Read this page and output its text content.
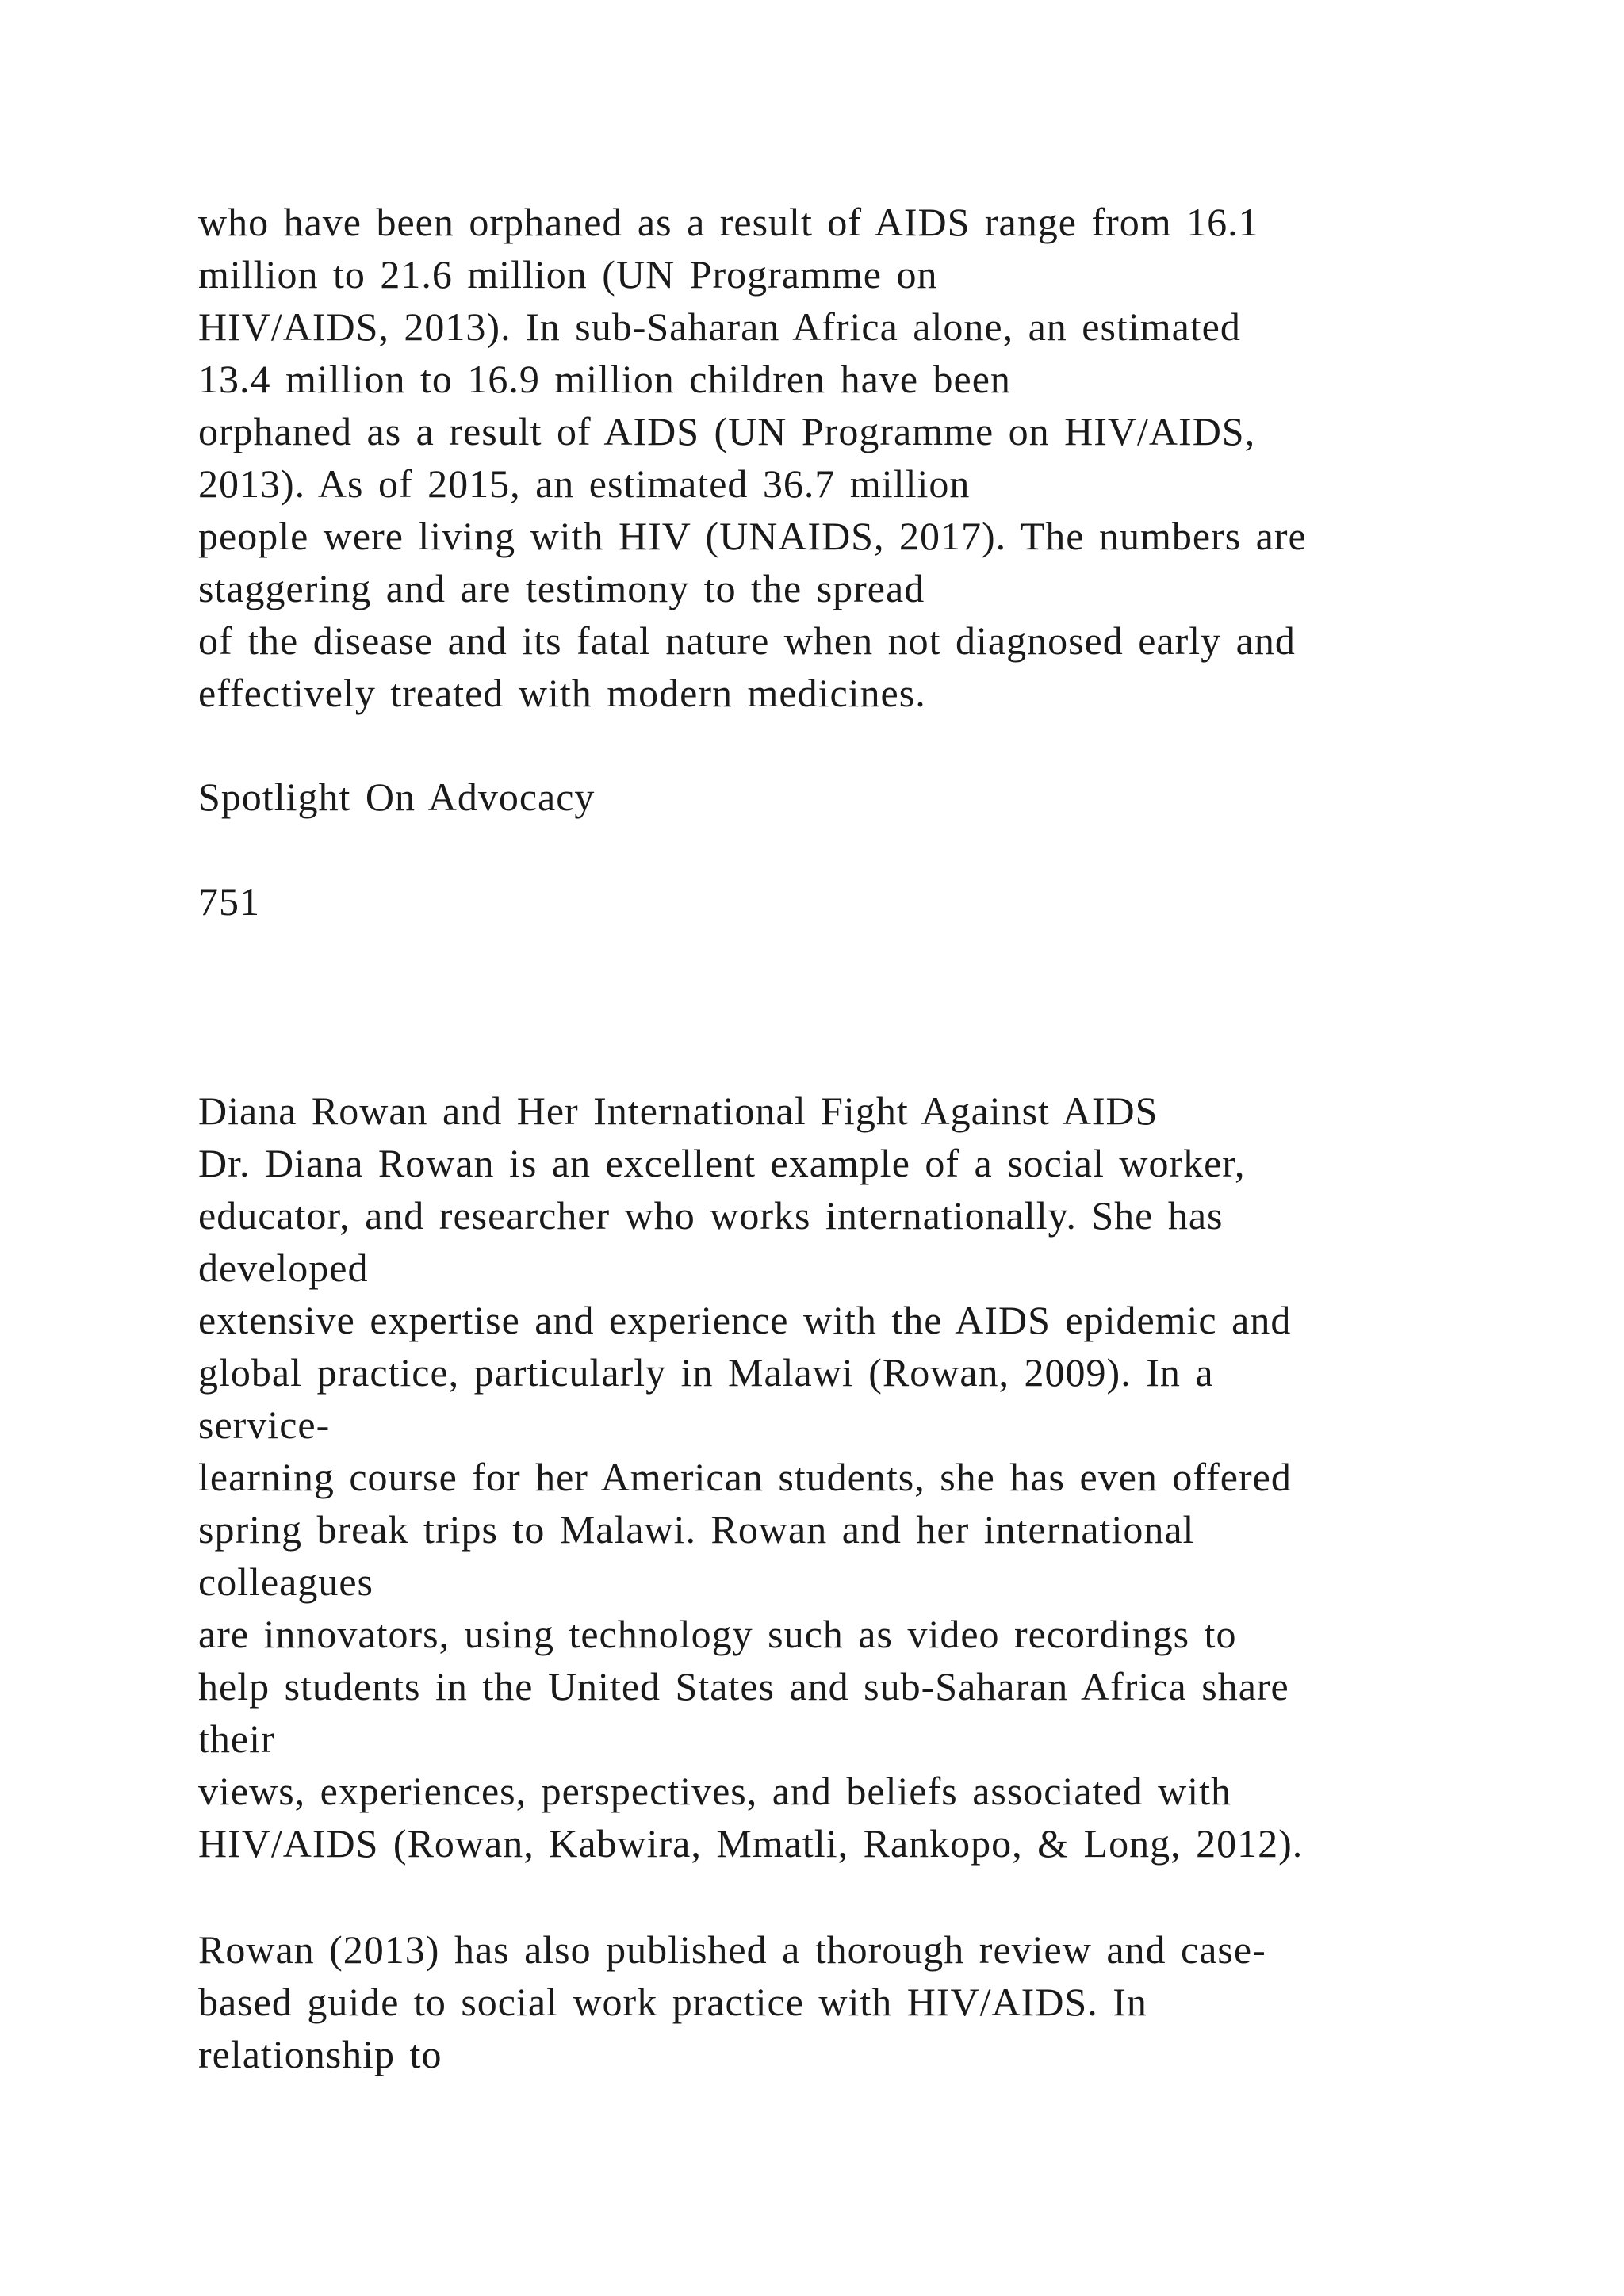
who have been orphaned as a result of AIDS range from 16.1
million to 21.6 million (UN Programme on
HIV/AIDS, 2013). In sub-Saharan Africa alone, an estimated
13.4 million to 16.9 million children have been
orphaned as a result of AIDS (UN Programme on HIV/AIDS,
2013). As of 2015, an estimated 36.7 million
people were living with HIV (UNAIDS, 2017). The numbers are
staggering and are testimony to the spread
of the disease and its fatal nature when not diagnosed early and
effectively treated with modern medicines.
Spotlight On Advocacy
751
Diana Rowan and Her International Fight Against AIDS
Dr. Diana Rowan is an excellent example of a social worker,
educator, and researcher who works internationally. She has
developed
extensive expertise and experience with the AIDS epidemic and
global practice, particularly in Malawi (Rowan, 2009). In a
service-
learning course for her American students, she has even offered
spring break trips to Malawi. Rowan and her international
colleagues
are innovators, using technology such as video recordings to
help students in the United States and sub-Saharan Africa share
their
views, experiences, perspectives, and beliefs associated with
HIV/AIDS (Rowan, Kabwira, Mmatli, Rankopo, & Long, 2012).
Rowan (2013) has also published a thorough review and case-
based guide to social work practice with HIV/AIDS. In
relationship to
